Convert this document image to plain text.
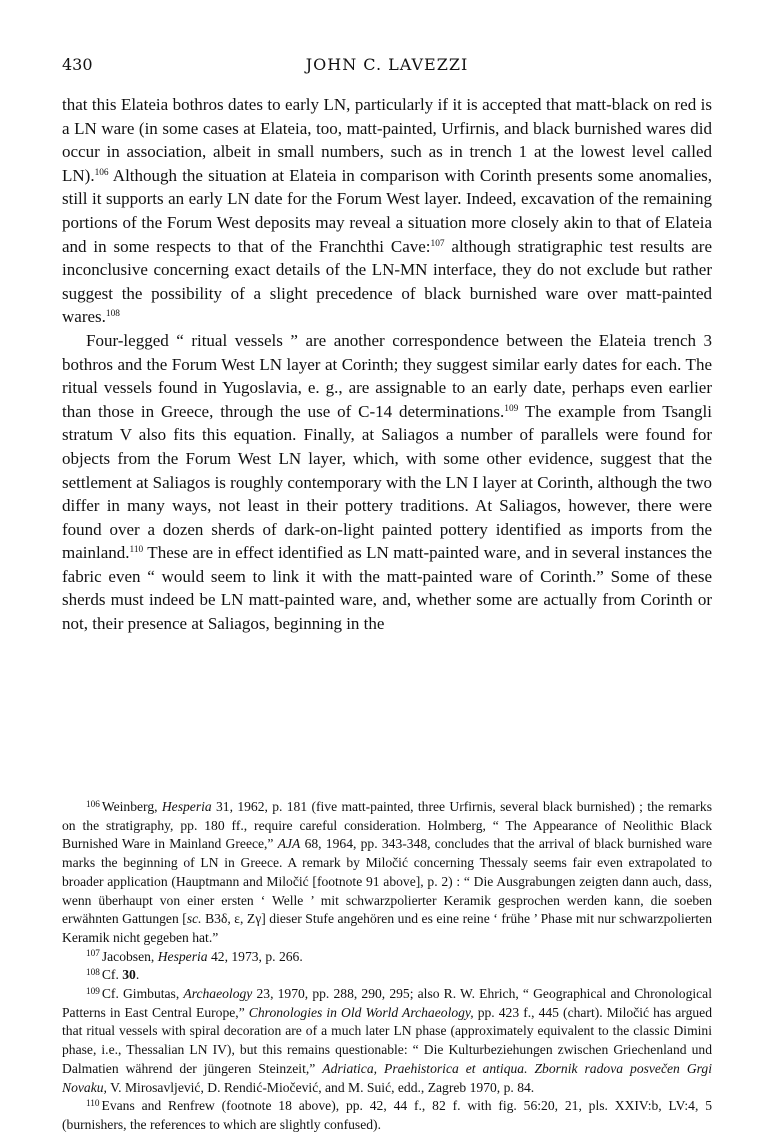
430	JOHN C. LAVEZZI

that this Elateia bothros dates to early LN, particularly if it is accepted that matt-black on red is a LN ware (in some cases at Elateia, too, matt-painted, Urfirnis, and black burnished wares did occur in association, albeit in small numbers, such as in trench 1 at the lowest level called LN).$^{106}$ Although the situation at Elateia in comparison with Corinth presents some anomalies, still it supports an early LN date for the Forum West layer. Indeed, excavation of the remaining portions of the Forum West deposits may reveal a situation more closely akin to that of Elateia and in some respects to that of the Franchthi Cave:$^{107}$ although stratigraphic test results are inconclusive concerning exact details of the LN-MN interface, they do not exclude but rather suggest the possibility of a slight precedence of black burnished ware over matt-painted wares.$^{108}$

Four-legged “ ritual vessels ” are another correspondence between the Elateia trench 3 bothros and the Forum West LN layer at Corinth; they suggest similar early dates for each. The ritual vessels found in Yugoslavia, e. g., are assignable to an early date, perhaps even earlier than those in Greece, through the use of C-14 determinations.$^{109}$ The example from Tsangli stratum V also fits this equation. Finally, at Saliagos a number of parallels were found for objects from the Forum West LN layer, which, with some other evidence, suggest that the settlement at Saliagos is roughly contemporary with the LN I layer at Corinth, although the two differ in many ways, not least in their pottery traditions. At Saliagos, however, there were found over a dozen sherds of dark-on-light painted pottery identified as imports from the mainland.$^{110}$ These are in effect identified as LN matt-painted ware, and in several instances the fabric even “ would seem to link it with the matt-painted ware of Corinth.” Some of these sherds must indeed be LN matt-painted ware, and, whether some are actually from Corinth or not, their presence at Saliagos, beginning in the

$^{106}$ Weinberg, Hesperia 31, 1962, p. 181 (five matt-painted, three Urfirnis, several black burnished) ; the remarks on the stratigraphy, pp. 180 ff., require careful consideration. Holmberg, “ The Appearance of Neolithic Black Burnished Ware in Mainland Greece,” AJA 68, 1964, pp. 343-348, concludes that the arrival of black burnished ware marks the beginning of LN in Greece. A remark by Miločić concerning Thessaly seems fair even extrapolated to broader application (Hauptmann and Miločić [footnote 91 above], p. 2) : “ Die Ausgrabungen zeigten dann auch, dass, wenn überhaupt von einer ersten ‘ Welle ’ mit schwarzpolierter Keramik gesprochen werden kann, die soeben erwähnten Gattungen [sc. B3δ, ε, Zγ] dieser Stufe angehören und es eine reine ‘ frühe ’ Phase mit nur schwarzpolierten Keramik nicht gegeben hat.”

$^{107}$ Jacobsen, Hesperia 42, 1973, p. 266.

$^{108}$ Cf. 30.

$^{109}$ Cf. Gimbutas, Archaeology 23, 1970, pp. 288, 290, 295; also R. W. Ehrich, “ Geographical and Chronological Patterns in East Central Europe,” Chronologies in Old World Archaeology, pp. 423 f., 445 (chart). Miločić has argued that ritual vessels with spiral decoration are of a much later LN phase (approximately equivalent to the classic Dimini phase, i.e., Thessalian LN IV), but this remains questionable: “ Die Kulturbeziehungen zwischen Griechenland und Dalmatien während der jüngeren Steinzeit,” Adriatica, Praehistorica et antiqua. Zbornik radova posvečen Grgi Novaku, V. Mirosavljević, D. Rendić-Miočević, and M. Suić, edd., Zagreb 1970, p. 84.

$^{110}$ Evans and Renfrew (footnote 18 above), pp. 42, 44 f., 82 f. with fig. 56:20, 21, pls. XXIV:b, LV:4, 5 (burnishers, the references to which are slightly confused).
